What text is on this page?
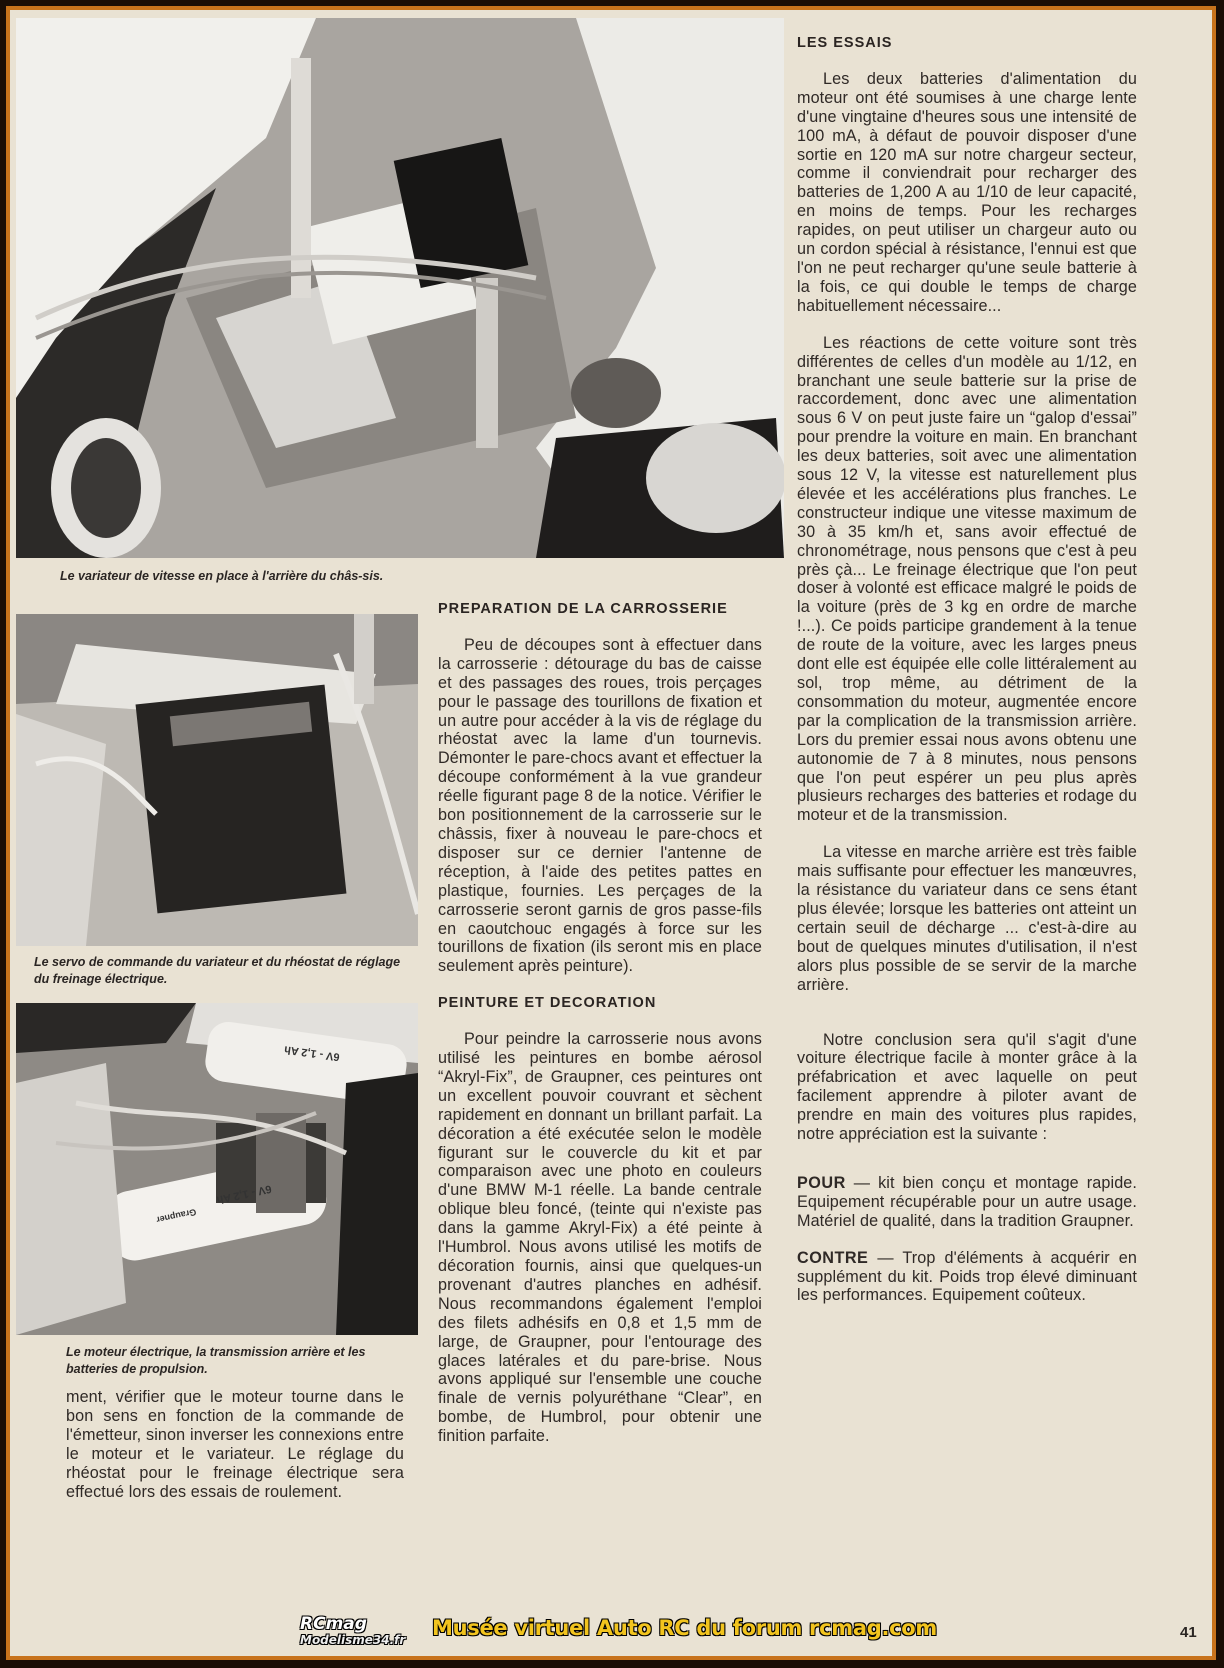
Le variateur de vitesse en place à l'arrière du châs-sis.
Le servo de commande du variateur et du rhéostat de réglage du freinage électrique.
6V - 1,2 Ah
6V - 1,2 Ah
Graupner
Le moteur électrique, la transmission arrière et les batteries de propulsion.

ment, vérifier que le moteur tourne dans le bon sens en fonction de la commande de l'émetteur, sinon inverser les connexions entre le moteur et le variateur. Le réglage du rhéostat pour le freinage électrique sera effectué lors des essais de roulement.

PREPARATION DE LA CARROSSERIE

Peu de découpes sont à effectuer dans la carrosserie : détourage du bas de caisse et des passages des roues, trois perçages pour le passage des tourillons de fixation et un autre pour accéder à la vis de réglage du rhéostat avec la lame d'un tournevis. Démonter le pare-chocs avant et effectuer la découpe conformément à la vue grandeur réelle figurant page 8 de la notice. Vérifier le bon positionnement de la carrosserie sur le châssis, fixer à nouveau le pare-chocs et disposer sur ce dernier l'antenne de réception, à l'aide des petites pattes en plastique, fournies. Les perçages de la carrosserie seront garnis de gros passe-fils en caoutchouc engagés à force sur les tourillons de fixation (ils seront mis en place seulement après peinture).

PEINTURE ET DECORATION

Pour peindre la carrosserie nous avons utilisé les peintures en bombe aérosol “Akryl-Fix”, de Graupner, ces peintures ont un excellent pouvoir couvrant et sèchent rapidement en donnant un brillant parfait. La décoration a été exécutée selon le modèle figurant sur le couvercle du kit et par comparaison avec une photo en couleurs d'une BMW M-1 réelle. La bande centrale oblique bleu foncé, (teinte qui n'existe pas dans la gamme Akryl-Fix) a été peinte à l'Humbrol. Nous avons utilisé les motifs de décoration fournis, ainsi que quelques-un provenant d'autres planches en adhésif. Nous recommandons également l'emploi des filets adhésifs en 0,8 et 1,5 mm de large, de Graupner, pour l'entourage des glaces latérales et du pare-brise. Nous avons appliqué sur l'ensemble une couche finale de vernis polyuréthane “Clear”, en bombe, de Humbrol, pour obtenir une finition parfaite.

LES ESSAIS

Les deux batteries d'alimentation du moteur ont été soumises à une charge lente d'une vingtaine d'heures sous une intensité de 100 mA, à défaut de pouvoir disposer d'une sortie en 120 mA sur notre chargeur secteur, comme il conviendrait pour recharger des batteries de 1,200 A au 1/10 de leur capacité, en moins de temps. Pour les recharges rapides, on peut utiliser un chargeur auto ou un cordon spécial à résistance, l'ennui est que l'on ne peut recharger qu'une seule batterie à la fois, ce qui double le temps de charge habituellement nécessaire...

Les réactions de cette voiture sont très différentes de celles d'un modèle au 1/12, en branchant une seule batterie sur la prise de raccordement, donc avec une alimentation sous 6 V on peut juste faire un “galop d'essai” pour prendre la voiture en main. En branchant les deux batteries, soit avec une alimentation sous 12 V, la vitesse est naturellement plus élevée et les accélérations plus franches. Le constructeur indique une vitesse maximum de 30 à 35 km/h et, sans avoir effectué de chronométrage, nous pensons que c'est à peu près çà... Le freinage électrique que l'on peut doser à volonté est efficace malgré le poids de la voiture (près de 3 kg en ordre de marche !...). Ce poids participe grandement à la tenue de route de la voiture, avec les larges pneus dont elle est équipée elle colle littéralement au sol, trop même, au détriment de la consommation du moteur, augmentée encore par la complication de la transmission arrière. Lors du premier essai nous avons obtenu une autonomie de 7 à 8 minutes, nous pensons que l'on peut espérer un peu plus après plusieurs recharges des batteries et rodage du moteur et de la transmission.

La vitesse en marche arrière est très faible mais suffisante pour effectuer les manœuvres, la résistance du variateur dans ce sens étant plus élevée; lorsque les batteries ont atteint un certain seuil de décharge ... c'est-à-dire au bout de quelques minutes d'utilisation, il n'est alors plus possible de se servir de la marche arrière.

Notre conclusion sera qu'il s'agit d'une voiture électrique facile à monter grâce à la préfabrication et avec laquelle on peut facilement apprendre à piloter avant de prendre en main des voitures plus rapides, notre appréciation est la suivante :

POUR — kit bien conçu et montage rapide. Equipement récupérable pour un autre usage. Matériel de qualité, dans la tradition Graupner.

CONTRE — Trop d'éléments à acquérir en supplément du kit. Poids trop élevé diminuant les performances. Equipement coûteux.

41
RCmag
Modelisme34.fr Musée virtuel Auto RC du forum rcmag.com
